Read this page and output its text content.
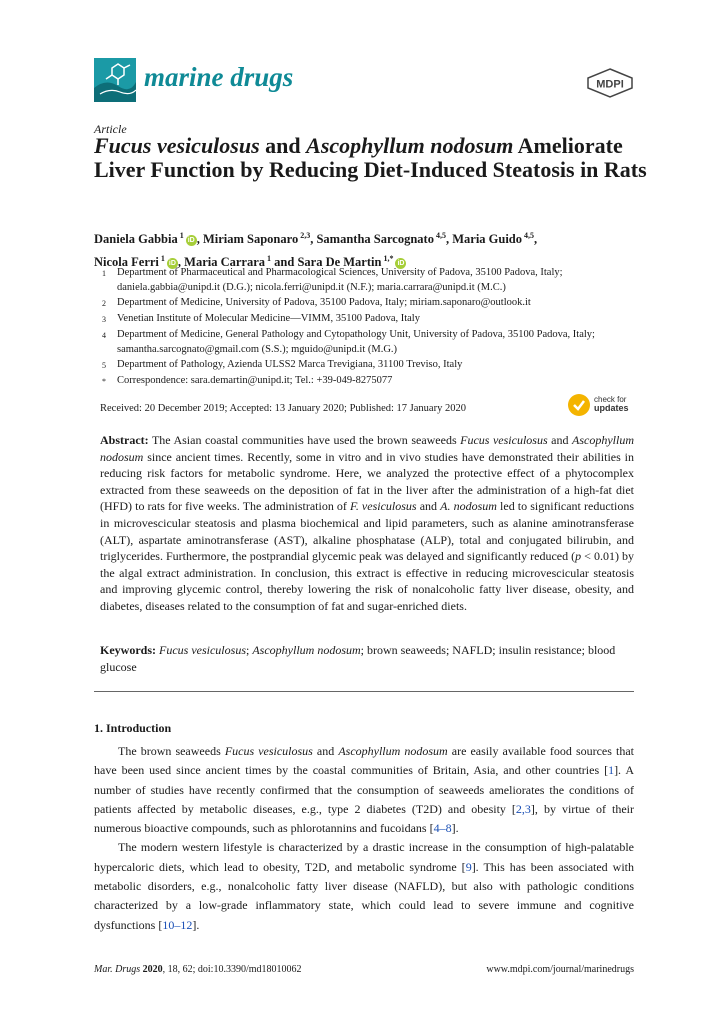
marine drugs	MDPI
Article
Fucus vesiculosus and Ascophyllum nodosum Ameliorate Liver Function by Reducing Diet-Induced Steatosis in Rats
Daniela Gabbia $^1$iD , Miriam Saponaro $^{2,3}$, Samantha Sarcognato $^{4,5}$, Maria Guido $^{4,5}$,
Nicola Ferri $^1$iD , Maria Carrara $^1$ and Sara De Martin $^{1,*}$iD
1	Department of Pharmaceutical and Pharmacological Sciences, University of Padova, 35100 Padova, Italy; daniela.gabbia@unipd.it (D.G.); nicola.ferri@unipd.it (N.F.); maria.carrara@unipd.it (M.C.)
2	Department of Medicine, University of Padova, 35100 Padova, Italy; miriam.saponaro@outlook.it
3	Venetian Institute of Molecular Medicine—VIMM, 35100 Padova, Italy
4	Department of Medicine, General Pathology and Cytopathology Unit, University of Padova, 35100 Padova, Italy; samantha.sarcognato@gmail.com (S.S.); mguido@unipd.it (M.G.)
5	Department of Pathology, Azienda ULSS2 Marca Trevigiana, 31100 Treviso, Italy
*	Correspondence: sara.demartin@unipd.it; Tel.: +39-049-8275077
Received: 20 December 2019; Accepted: 13 January 2020; Published: 17 January 2020
check for
updates
Abstract: The Asian coastal communities have used the brown seaweeds Fucus vesiculosus and Ascophyllum nodosum since ancient times. Recently, some in vitro and in vivo studies have demonstrated their abilities in reducing risk factors for metabolic syndrome. Here, we analyzed the protective effect of a phytocomplex extracted from these seaweeds on the deposition of fat in the liver after the administration of a high-fat diet (HFD) to rats for five weeks. The administration of F. vesiculosus and A. nodosum led to significant reductions in microvescicular steatosis and plasma biochemical and lipid parameters, such as alanine aminotransferase (ALT), aspartate aminotransferase (AST), alkaline phosphatase (ALP), total and conjugated bilirubin, and triglycerides. Furthermore, the postprandial glycemic peak was delayed and significantly reduced (p < 0.01) by the algal extract administration. In conclusion, this extract is effective in reducing microvescicular steatosis and improving glycemic control, thereby lowering the risk of nonalcoholic fatty liver disease, obesity, and diabetes, diseases related to the consumption of fat and sugar-enriched diets.
Keywords: Fucus vesiculosus; Ascophyllum nodosum; brown seaweeds; NAFLD; insulin resistance; blood glucose
1. Introduction

The brown seaweeds Fucus vesiculosus and Ascophyllum nodosum are easily available food sources that have been used since ancient times by the coastal communities of Britain, Asia, and other countries [1]. A number of studies have recently confirmed that the consumption of seaweeds ameliorates the conditions of patients affected by metabolic diseases, e.g., type 2 diabetes (T2D) and obesity [2,3], by virtue of their numerous bioactive compounds, such as phlorotannins and fucoidans [4–8].

The modern western lifestyle is characterized by a drastic increase in the consumption of high-palatable hypercaloric diets, which lead to obesity, T2D, and metabolic syndrome [9]. This has been associated with metabolic disorders, e.g., nonalcoholic fatty liver disease (NAFLD), but also with pathologic conditions characterized by a low-grade inflammatory state, which could lead to severe immune and cognitive dysfunctions [10–12].

Mar. Drugs 2020, 18, 62; doi:10.3390/md18010062	www.mdpi.com/journal/marinedrugs
